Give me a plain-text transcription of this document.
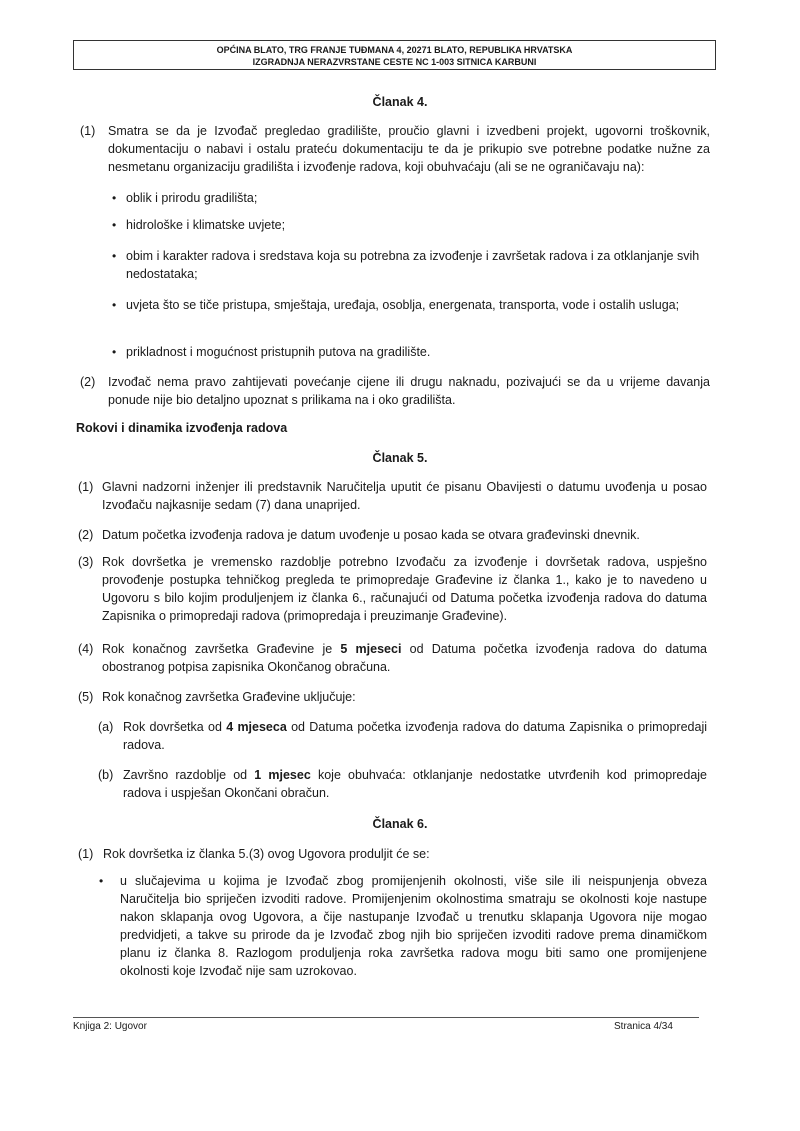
OPĆINA BLATO, TRG FRANJE TUĐMANA 4, 20271 BLATO, REPUBLIKA HRVATSKA
IZGRADNJA NERAZVRSTANE CESTE NC 1-003 SITNICA KARBUNI
Članak 4.
(1) Smatra se da je Izvođač pregledao gradilište, proučio glavni i izvedbeni projekt, ugovorni troškovnik, dokumentaciju o nabavi i ostalu prateću dokumentaciju te da je prikupio sve potrebne podatke nužne za nesmetanu organizaciju gradilišta i izvođenje radova, koji obuhvaćaju (ali se ne ograničavaju na):
• oblik i prirodu gradilišta;
• hidrološke i klimatske uvjete;
• obim i karakter radova i sredstava koja su potrebna za izvođenje i završetak radova i za otklanjanje svih nedostataka;
• uvjeta što se tiče pristupa, smještaja, uređaja, osoblja, energenata, transporta, vode i ostalih usluga;
• prikladnost i mogućnost pristupnih putova na gradilište.
(2) Izvođač nema pravo zahtijevati povećanje cijene ili drugu naknadu, pozivajući se da u vrijeme davanja ponude nije bio detaljno upoznat s prilikama na i oko gradilišta.
Rokovi i dinamika izvođenja radova
Članak 5.
(1) Glavni nadzorni inženjer ili predstavnik Naručitelja uputit će pisanu Obavijesti o datumu uvođenja u posao Izvođaču najkasnije sedam (7) dana unaprijed.
(2) Datum početka izvođenja radova je datum uvođenje u posao kada se otvara građevinski dnevnik.
(3) Rok dovršetka je vremensko razdoblje potrebno Izvođaču za izvođenje i dovršetak radova, uspješno provođenje postupka tehničkog pregleda te primopredaje Građevine iz članka 1., kako je to navedeno u Ugovoru s bilo kojim produljenjem iz članka 6., računajući od Datuma početka izvođenja radova do datuma Zapisnika o primopredaji radova (primopredaja i preuzimanje Građevine).
(4) Rok konačnog završetka Građevine je 5 mjeseci od Datuma početka izvođenja radova do datuma obostranog potpisa zapisnika Okončanog obračuna.
(5) Rok konačnog završetka Građevine uključuje:
(a) Rok dovršetka od 4 mjeseca od Datuma početka izvođenja radova do datuma Zapisnika o primopredaji radova.
(b) Završno razdoblje od 1 mjesec koje obuhvaća: otklanjanje nedostatke utvrđenih kod primopredaje radova i uspješan Okončani obračun.
Članak 6.
(1) Rok dovršetka iz članka 5.(3) ovog Ugovora produljit će se:
• u slučajevima u kojima je Izvođač zbog promijenjenih okolnosti, više sile ili neispunjenja obveza Naručitelja bio spriječen izvoditi radove. Promijenjenim okolnostima smatraju se okolnosti koje nastupe nakon sklapanja ovog Ugovora, a čije nastupanje Izvođač u trenutku sklapanja Ugovora nije mogao predvidjeti, a takve su prirode da je Izvođač zbog njih bio spriječen izvoditi radove prema dinamičkom planu iz članka 8. Razlogom produljenja roka završetka radova mogu biti samo one promijenjene okolnosti koje Izvođač nije sam uzrokovao.
Knjiga 2: Ugovor	Stranica 4/34
